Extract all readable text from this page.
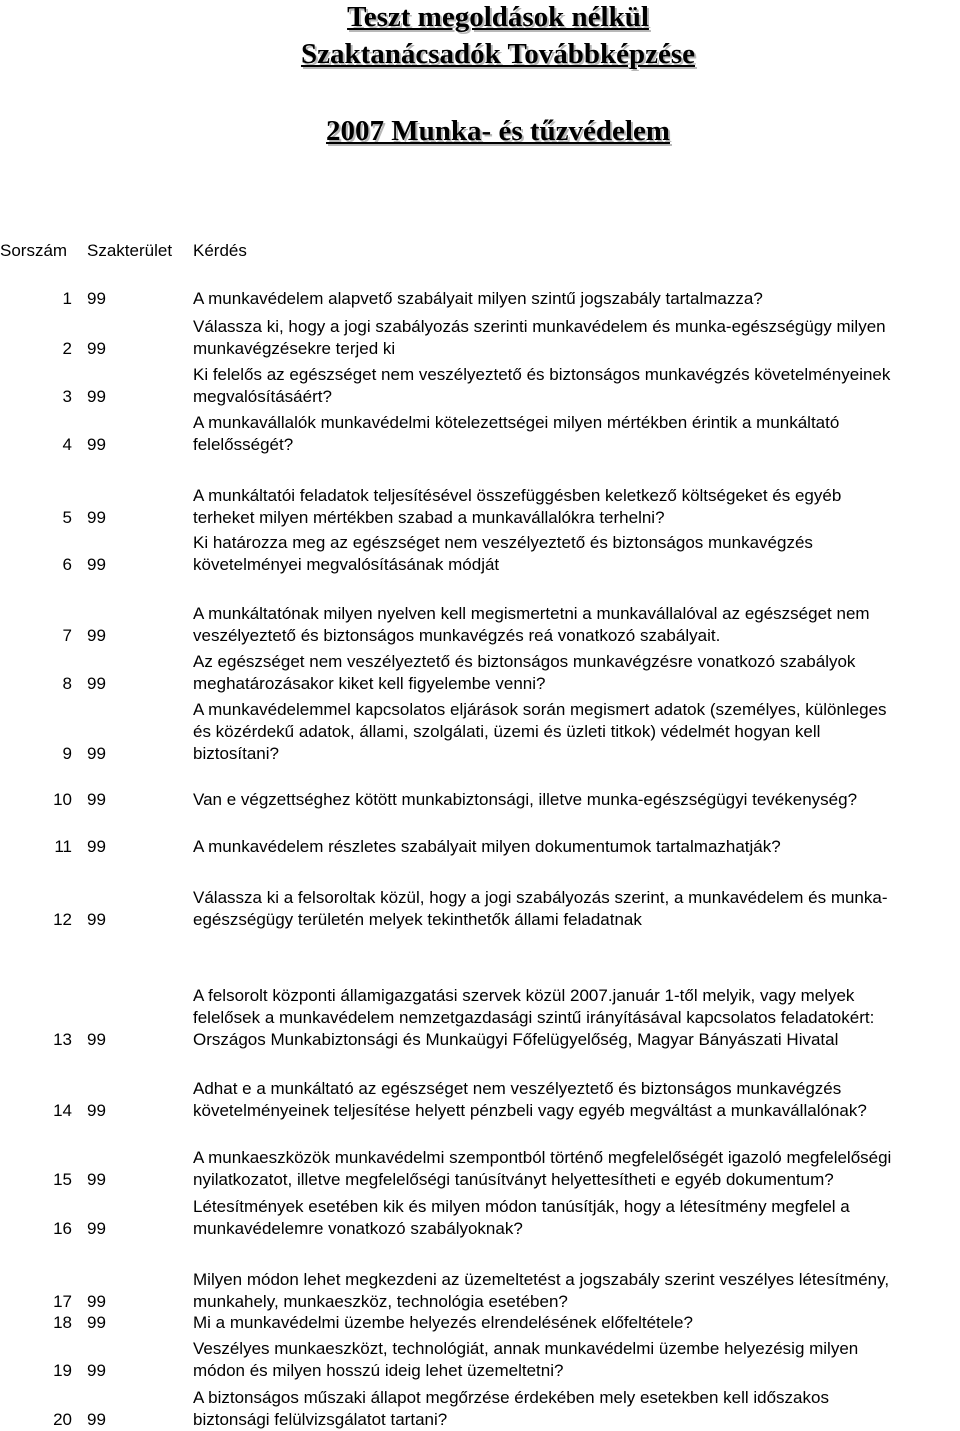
Teszt megoldások nélkül
Szaktanácsadók Továbbképzése
2007 Munka- és tűzvédelem
Sorszám Szakterület Kérdés
1 99	A munkavédelem alapvető szabályait milyen szintű jogszabály tartalmazza?
2 99
Válassza ki, hogy a jogi szabályozás szerinti munkavédelem és munka-egészségügy milyen
munkavégzésekre terjed ki
3 99
Ki felelős az egészséget nem veszélyeztető és biztonságos munkavégzés követelményeinek
megvalósításáért?
4 99
A munkavállalók munkavédelmi kötelezettségei milyen mértékben érintik a munkáltató
felelősségét?
5 99
A munkáltatói feladatok teljesítésével összefüggésben keletkező költségeket és egyéb
terheket milyen mértékben szabad a munkavállalókra terhelni?
6 99
Ki határozza meg az egészséget nem veszélyeztető és biztonságos munkavégzés
követelményei megvalósításának módját
7 99
A munkáltatónak milyen nyelven kell megismertetni a munkavállalóval az egészséget nem
veszélyeztető és biztonságos munkavégzés reá vonatkozó szabályait.
8 99
Az egészséget nem veszélyeztető és biztonságos munkavégzésre vonatkozó szabályok
meghatározásakor kiket kell figyelembe venni?
9 99
A munkavédelemmel kapcsolatos eljárások során megismert adatok (személyes, különleges
és közérdekű adatok, állami, szolgálati, üzemi és üzleti titkok) védelmét hogyan kell
biztosítani?
10 99	Van e végzettséghez kötött munkabiztonsági, illetve munka-egészségügyi tevékenység?
11 99	A munkavédelem részletes szabályait milyen dokumentumok tartalmazhatják?
12 99
Válassza ki a felsoroltak közül, hogy a jogi szabályozás szerint, a munkavédelem és munka-
egészségügy területén melyek tekinthetők állami feladatnak
13 99
A felsorolt központi államigazgatási szervek közül 2007.január 1-től melyik, vagy melyek
felelősek a munkavédelem nemzetgazdasági szintű irányításával kapcsolatos feladatokért:
Országos Munkabiztonsági és Munkaügyi Főfelügyelőség, Magyar Bányászati Hivatal
14 99
Adhat e a munkáltató az egészséget nem veszélyeztető és biztonságos munkavégzés
követelményeinek teljesítése helyett pénzbeli vagy egyéb megváltást a munkavállalónak?
15 99
A munkaeszközök munkavédelmi szempontból történő megfelelőségét igazoló megfelelőségi
nyilatkozatot, illetve megfelelőségi tanúsítványt helyettesítheti e egyéb dokumentum?
16 99
Létesítmények esetében kik és milyen módon tanúsítják, hogy a létesítmény megfelel a
munkavédelemre vonatkozó szabályoknak?
17 99
Milyen módon lehet megkezdeni az üzemeltetést a jogszabály szerint veszélyes létesítmény,
munkahely, munkaeszköz, technológia esetében?
18 99	Mi a munkavédelmi üzembe helyezés elrendelésének előfeltétele?
19 99
Veszélyes munkaeszközt, technológiát, annak munkavédelmi üzembe helyezésig milyen
módon és milyen hosszú ideig lehet üzemeltetni?
20 99
A biztonságos műszaki állapot megőrzése érdekében mely esetekben kell időszakos
biztonsági felülvizsgálatot tartani?
